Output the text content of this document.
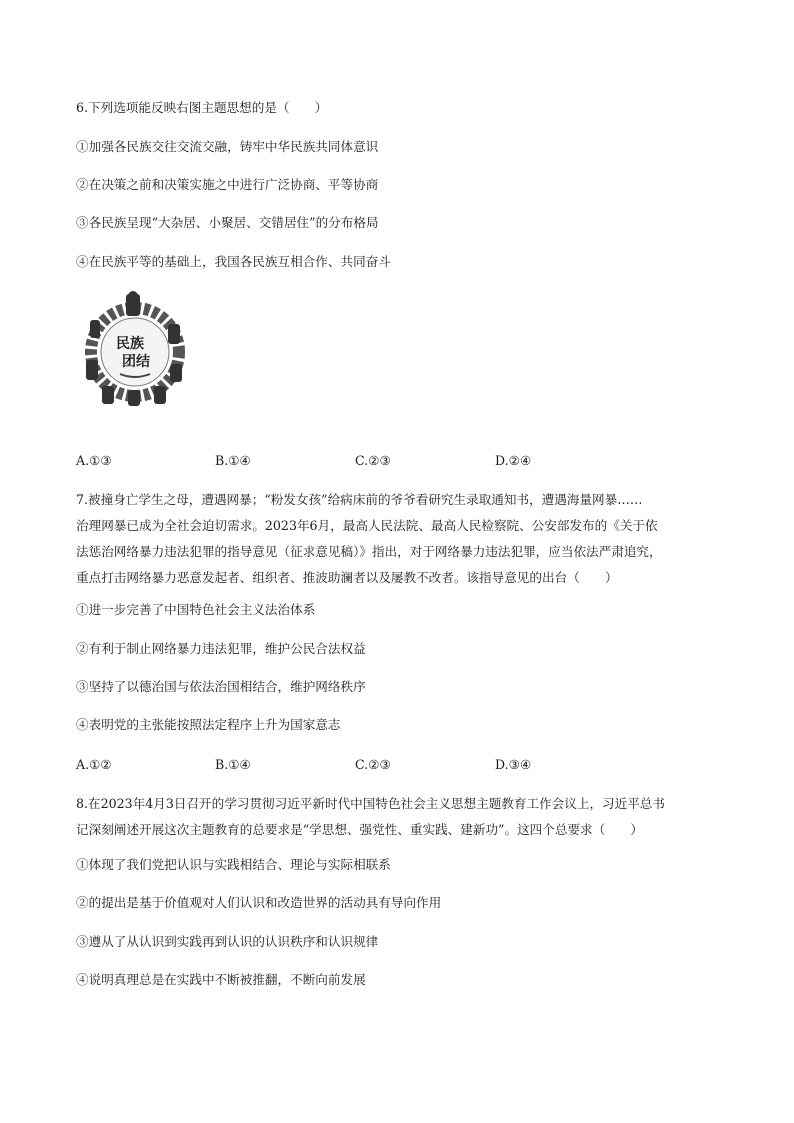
6.下列选项能反映右图主题思想的是（　　）
①加强各民族交往交流交融，铸牢中华民族共同体意识
②在决策之前和决策实施之中进行广泛协商、平等协商
③各民族呈现“大杂居、小聚居、交错居住”的分布格局
④在民族平等的基础上，我国各民族互相合作、共同奋斗
民族
团结
A.①③	B.①④	C.②③	D.②④
7.被撞身亡学生之母，遭遇网暴；“粉发女孩”给病床前的爷爷看研究生录取通知书，遭遇海量网暴……
治理网暴已成为全社会迫切需求。2023年6月，最高人民法院、最高人民检察院、公安部发布的《关于依
法惩治网络暴力违法犯罪的指导意见（征求意见稿）》指出，对于网络暴力违法犯罪，应当依法严肃追究，
重点打击网络暴力恶意发起者、组织者、推波助澜者以及屡教不改者。该指导意见的出台（　　）
①进一步完善了中国特色社会主义法治体系
②有利于制止网络暴力违法犯罪，维护公民合法权益
③坚持了以德治国与依法治国相结合，维护网络秩序
④表明党的主张能按照法定程序上升为国家意志
A.①②	B.①④	C.②③	D.③④
8.在2023年4月3日召开的学习贯彻习近平新时代中国特色社会主义思想主题教育工作会议上，习近平总书
记深刻阐述开展这次主题教育的总要求是“学思想、强党性、重实践、建新功”。这四个总要求（　　）
①体现了我们党把认识与实践相结合、理论与实际相联系
②的提出是基于价值观对人们认识和改造世界的活动具有导向作用
③遵从了从认识到实践再到认识的认识秩序和认识规律
④说明真理总是在实践中不断被推翻，不断向前发展
